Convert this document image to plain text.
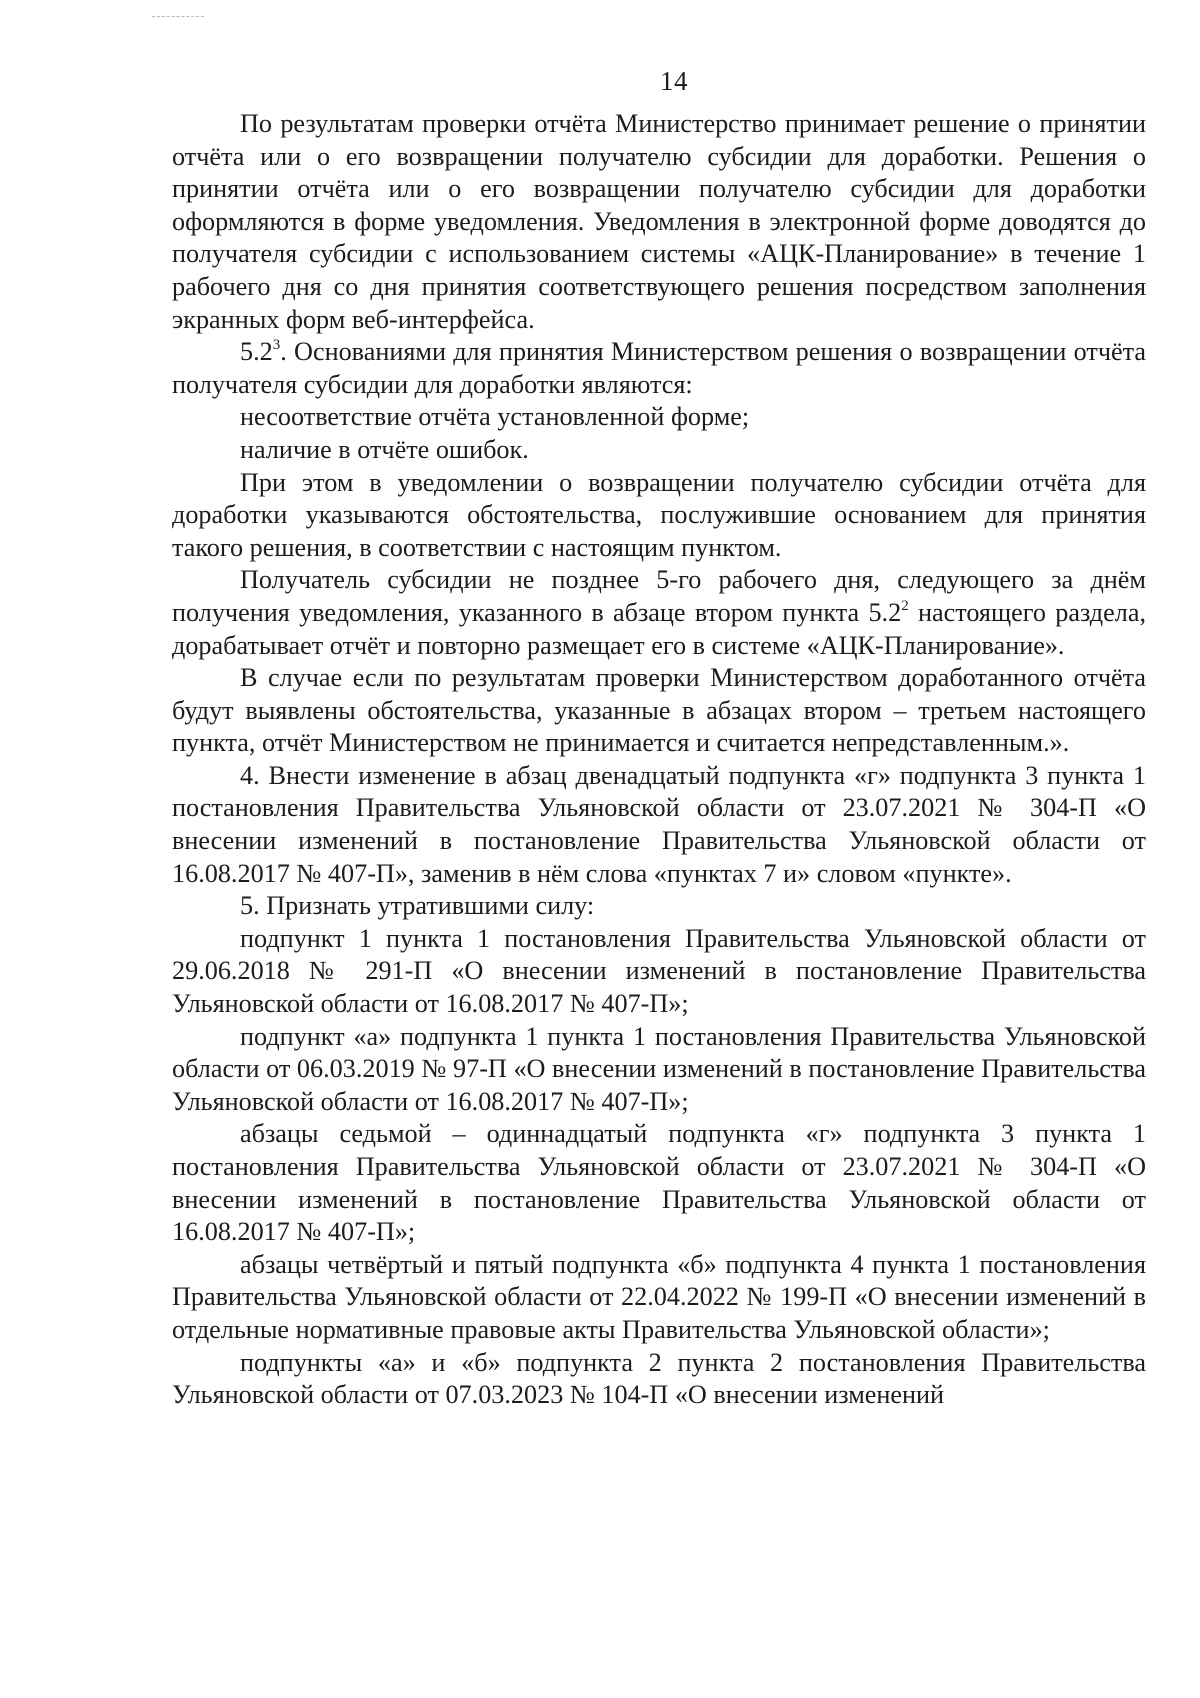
14

По результатам проверки отчёта Министерство принимает решение о принятии отчёта или о его возвращении получателю субсидии для доработки. Решения о принятии отчёта или о его возвращении получателю субсидии для доработки оформляются в форме уведомления. Уведомления в электронной форме доводятся до получателя субсидии с использованием системы «АЦК-Планирование» в течение 1 рабочего дня со дня принятия соответствующего решения посредством заполнения экранных форм веб-интерфейса.

$5.2^3$. Основаниями для принятия Министерством решения о возвращении отчёта получателя субсидии для доработки являются:

несоответствие отчёта установленной форме;

наличие в отчёте ошибок.

При этом в уведомлении о возвращении получателю субсидии отчёта для доработки указываются обстоятельства, послужившие основанием для принятия такого решения, в соответствии с настоящим пунктом.

Получатель субсидии не позднее 5-го рабочего дня, следующего за днём получения уведомления, указанного в абзаце втором пункта $5.2^2$ настоящего раздела, дорабатывает отчёт и повторно размещает его в системе «АЦК-Планирование».

В случае если по результатам проверки Министерством доработанного отчёта будут выявлены обстоятельства, указанные в абзацах втором – третьем настоящего пункта, отчёт Министерством не принимается и считается непредставленным.».

4. Внести изменение в абзац двенадцатый подпункта «г» подпункта 3 пункта 1 постановления Правительства Ульяновской области от 23.07.2021 № 304-П «О внесении изменений в постановление Правительства Ульяновской области от 16.08.2017 № 407-П», заменив в нём слова «пунктах 7 и» словом «пункте».

5. Признать утратившими силу:

подпункт 1 пункта 1 постановления Правительства Ульяновской области от 29.06.2018 № 291-П «О внесении изменений в постановление Правительства Ульяновской области от 16.08.2017 № 407-П»;

подпункт «а» подпункта 1 пункта 1 постановления Правительства Ульяновской области от 06.03.2019 № 97-П «О внесении изменений в постановление Правительства Ульяновской области от 16.08.2017 № 407-П»;

абзацы седьмой – одиннадцатый подпункта «г» подпункта 3 пункта 1 постановления Правительства Ульяновской области от 23.07.2021 № 304-П «О внесении изменений в постановление Правительства Ульяновской области от 16.08.2017 № 407-П»;

абзацы четвёртый и пятый подпункта «б» подпункта 4 пункта 1 постановления Правительства Ульяновской области от 22.04.2022 № 199-П «О внесении изменений в отдельные нормативные правовые акты Правительства Ульяновской области»;

подпункты «а» и «б» подпункта 2 пункта 2 постановления Правительства Ульяновской области от 07.03.2023 № 104-П «О внесении изменений
